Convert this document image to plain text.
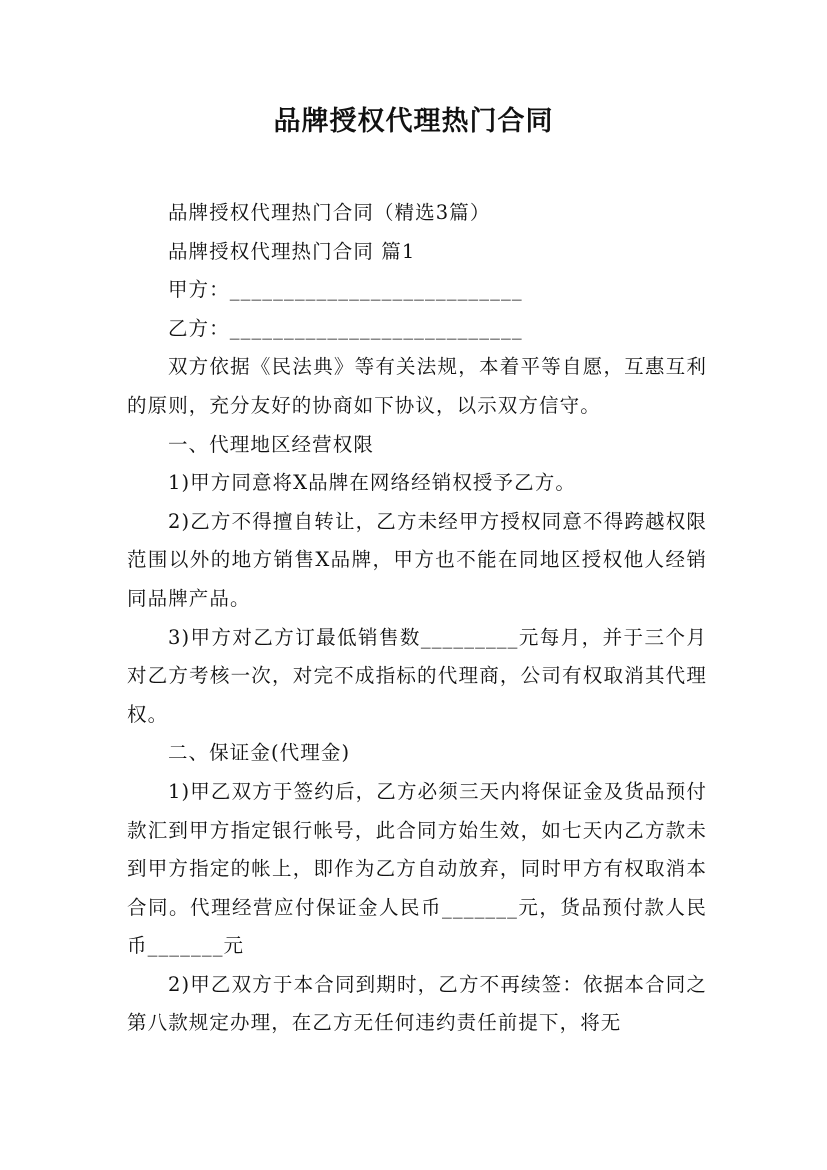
品牌授权代理热门合同

品牌授权代理热门合同（精选3篇）

品牌授权代理热门合同 篇1

甲方：___________________________

乙方：___________________________

双方依据《民法典》等有关法规，本着平等自愿，互惠互利的原则，充分友好的协商如下协议，以示双方信守。

一、代理地区经营权限

1)甲方同意将X品牌在网络经销权授予乙方。

2)乙方不得擅自转让，乙方未经甲方授权同意不得跨越权限范围以外的地方销售X品牌，甲方也不能在同地区授权他人经销同品牌产品。

3)甲方对乙方订最低销售数_________元每月，并于三个月对乙方考核一次，对完不成指标的代理商，公司有权取消其代理权。

二、保证金(代理金)

1)甲乙双方于签约后，乙方必须三天内将保证金及货品预付款汇到甲方指定银行帐号，此合同方始生效，如七天内乙方款未到甲方指定的帐上，即作为乙方自动放弃，同时甲方有权取消本合同。代理经营应付保证金人民币_______元，货品预付款人民币_______元

2)甲乙双方于本合同到期时，乙方不再续签：依据本合同之第八款规定办理，在乙方无任何违约责任前提下，将无
